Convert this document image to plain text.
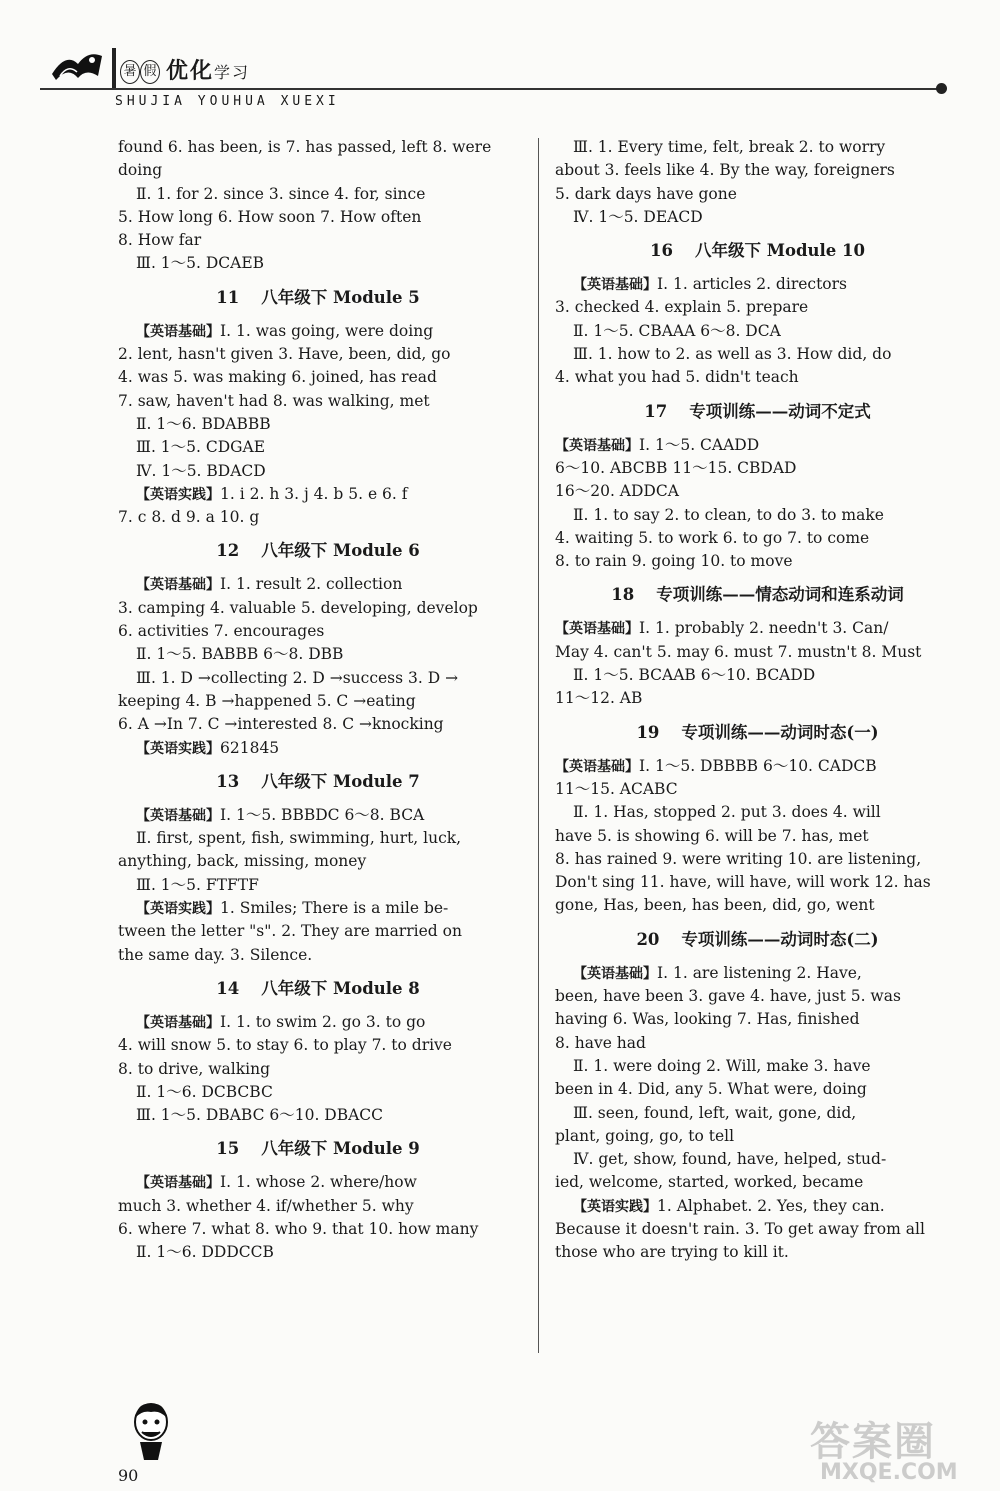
暑 假 优化学习
SHUJIA YOUHUA XUEXI
found 6. has been, is 7. has passed, left 8. were
doing
Ⅱ. 1. for 2. since 3. since 4. for, since
5. How long 6. How soon 7. How often
8. How far
Ⅲ. 1～5. DCAEB
11 八年级下 Module 5
【英语基础】Ⅰ. 1. was going, were doing
2. lent, hasn't given 3. Have, been, did, go
4. was 5. was making 6. joined, has read
7. saw, haven't had 8. was walking, met
Ⅱ. 1～6. BDABBB
Ⅲ. 1～5. CDGAE
Ⅳ. 1～5. BDACD
【英语实践】1. i 2. h 3. j 4. b 5. e 6. f
7. c 8. d 9. a 10. g
12 八年级下 Module 6
【英语基础】Ⅰ. 1. result 2. collection
3. camping 4. valuable 5. developing, develop
6. activities 7. encourages
Ⅱ. 1～5. BABBB 6～8. DBB
Ⅲ. 1. D →collecting 2. D →success 3. D →
keeping 4. B →happened 5. C →eating
6. A →In 7. C →interested 8. C →knocking
【英语实践】621845
13 八年级下 Module 7
【英语基础】Ⅰ. 1～5. BBBDC 6～8. BCA
Ⅱ. first, spent, fish, swimming, hurt, luck,
anything, back, missing, money
Ⅲ. 1～5. FTFTF
【英语实践】1. Smiles; There is a mile be-
tween the letter "s". 2. They are married on
the same day. 3. Silence.
14 八年级下 Module 8
【英语基础】Ⅰ. 1. to swim 2. go 3. to go
4. will snow 5. to stay 6. to play 7. to drive
8. to drive, walking
Ⅱ. 1～6. DCBCBC
Ⅲ. 1～5. DBABC 6～10. DBACC
15 八年级下 Module 9
【英语基础】Ⅰ. 1. whose 2. where/how
much 3. whether 4. if/whether 5. why
6. where 7. what 8. who 9. that 10. how many
Ⅱ. 1～6. DDDCCB
Ⅲ. 1. Every time, felt, break 2. to worry
about 3. feels like 4. By the way, foreigners
5. dark days have gone
Ⅳ. 1～5. DEACD
16 八年级下 Module 10
【英语基础】Ⅰ. 1. articles 2. directors
3. checked 4. explain 5. prepare
Ⅱ. 1～5. CBAAA 6～8. DCA
Ⅲ. 1. how to 2. as well as 3. How did, do
4. what you had 5. didn't teach
17 专项训练——动词不定式
【英语基础】Ⅰ. 1～5. CAADD
6～10. ABCBB 11～15. CBDAD
16～20. ADDCA
Ⅱ. 1. to say 2. to clean, to do 3. to make
4. waiting 5. to work 6. to go 7. to come
8. to rain 9. going 10. to move
18 专项训练——情态动词和连系动词
【英语基础】Ⅰ. 1. probably 2. needn't 3. Can/
May 4. can't 5. may 6. must 7. mustn't 8. Must
Ⅱ. 1～5. BCAAB 6～10. BCADD
11～12. AB
19 专项训练——动词时态(一)
【英语基础】Ⅰ. 1～5. DBBBB 6～10. CADCB
11～15. ACABC
Ⅱ. 1. Has, stopped 2. put 3. does 4. will
have 5. is showing 6. will be 7. has, met
8. has rained 9. were writing 10. are listening,
Don't sing 11. have, will have, will work 12. has
gone, Has, been, has been, did, go, went
20 专项训练——动词时态(二)
【英语基础】Ⅰ. 1. are listening 2. Have,
been, have been 3. gave 4. have, just 5. was
having 6. Was, looking 7. Has, finished
8. have had
Ⅱ. 1. were doing 2. Will, make 3. have
been in 4. Did, any 5. What were, doing
Ⅲ. seen, found, left, wait, gone, did,
plant, going, go, to tell
Ⅳ. get, show, found, have, helped, stud-
ied, welcome, started, worked, became
【英语实践】1. Alphabet. 2. Yes, they can.
Because it doesn't rain. 3. To get away from all
those who are trying to kill it.
90
答案圈
MXQE.COM
